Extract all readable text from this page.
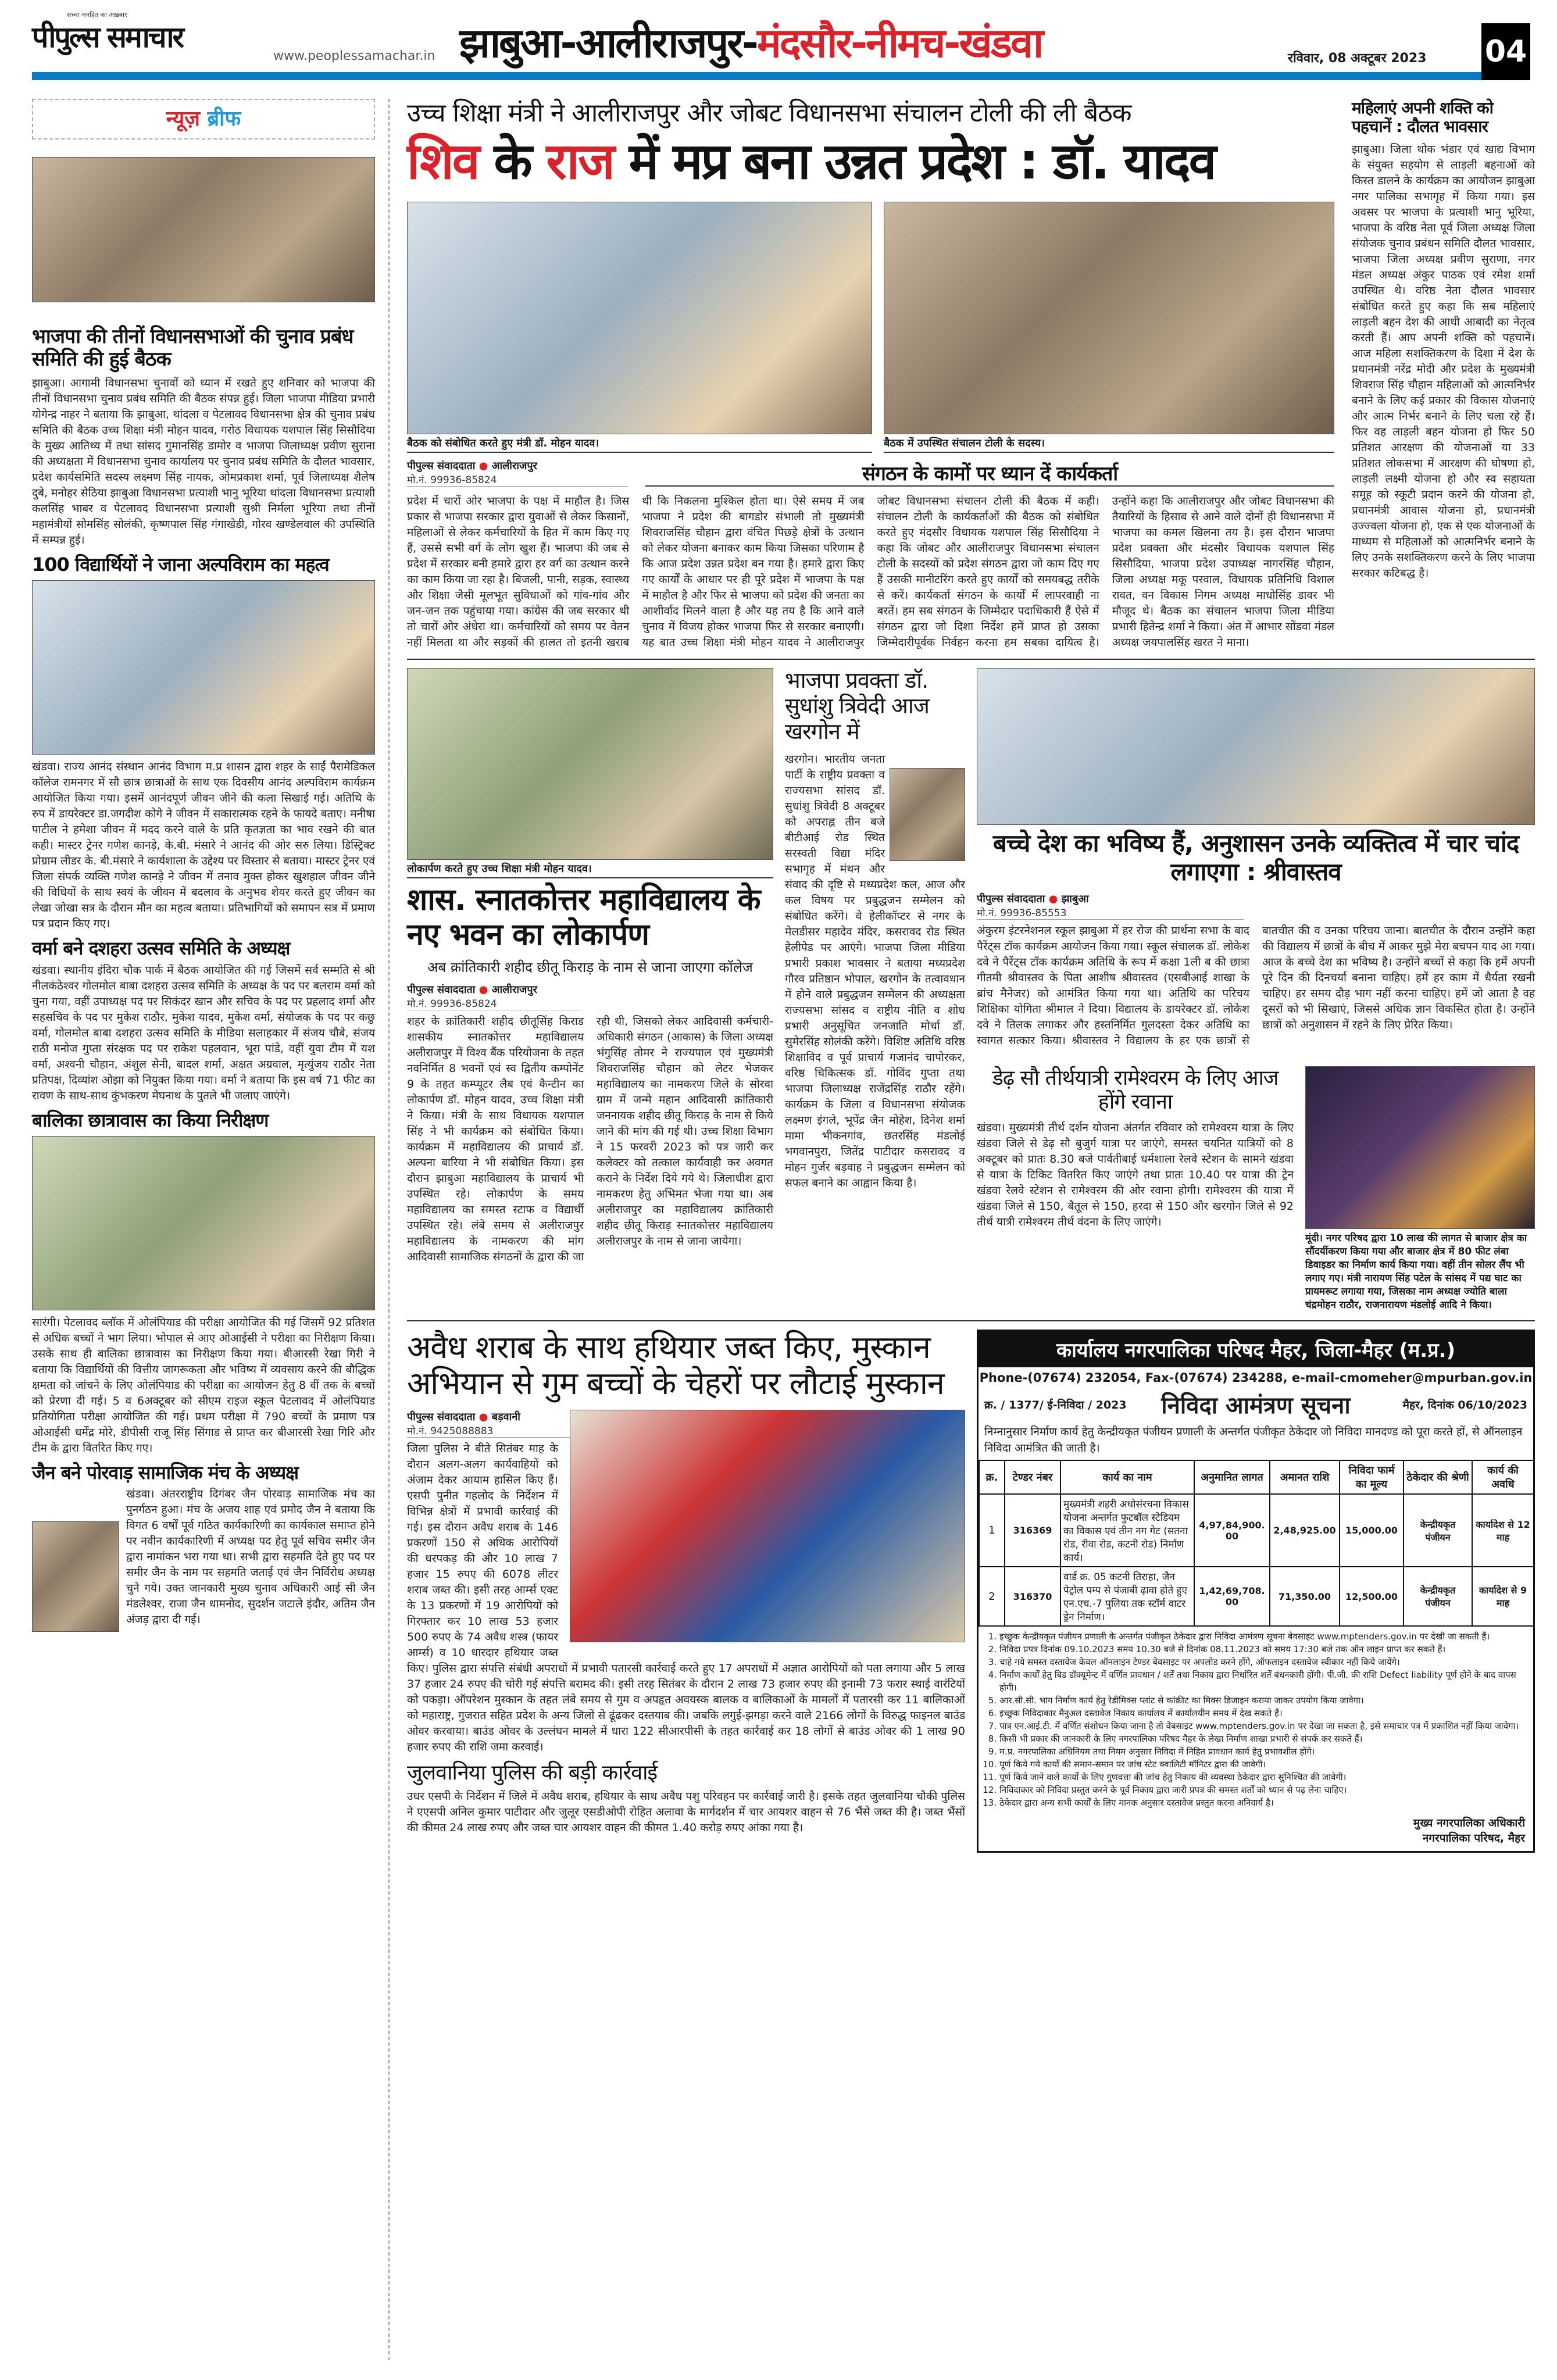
सच्चा जनहित का अख़बार
पीपुल्स समाचार
www.peoplessamachar.in झाबुआ-आलीराजपुर-मंदसौर-नीमच-खंडवा	रविवार, 08 अक्टूबर 2023 04
न्यूज़ ब्रीफ
भाजपा की तीनों विधानसभाओं की चुनाव प्रबंध समिति की हुई बैठक
झाबुआ। आगामी विधानसभा चुनावों को ध्यान में रखते हुए शनिवार को भाजपा की तीनों विधानसभा चुनाव प्रबंध समिति की बैठक संपन्न हुई। जिला भाजपा मीडिया प्रभारी योगेन्द्र नाहर ने बताया कि झाबुआ, थांदला व पेटलावद विधानसभा क्षेत्र की चुनाव प्रबंध समिति की बैठक उच्च शिक्षा मंत्री मोहन यादव, गरोठ विधायक यशपाल सिंह सिसौदिया के मुख्य आतिथ्य में तथा सांसद गुमानसिंह डामोर व भाजपा जिलाध्यक्ष प्रवीण सुराना की अध्यक्षता में विधानसभा चुनाव कार्यालय पर चुनाव प्रबंध समिति के दौलत भावसार, प्रदेश कार्यसमिति सदस्य लक्ष्मण सिंह नायक, ओमप्रकाश शर्मा, पूर्व जिलाध्यक्ष शैलेष दुबे, मनोहर सेठिया झाबुआ विधानसभा प्रत्याशी भानु भूरिया थांदला विधानसभा प्रत्याशी कलसिंह भाबर व पेटलावद विधानसभा प्रत्याशी सुश्री निर्मला भूरिया तथा तीनों महामंत्रीयों सोमसिंह सोलंकी, कृष्णपाल सिंह गंगाखेडी, गोरव खण्डेलवाल की उपस्थिति में सम्पन्न हुई।
100 विद्यार्थियों ने जाना अल्पविराम का महत्व
खंडवा। राज्य आनंद संस्थान आनंद विभाग म.प्र शासन द्वारा शहर के साईं पैरामेडिकल कॉलेज रामनगर में सौ छात्र छात्राओं के साथ एक दिवसीय आनंद अल्पविराम कार्यक्रम आयोजित किया गया। इसमें आनंदपूर्ण जीवन जीने की कला सिखाई गई। अतिथि के रुप में डायरेक्टर डा.जगदीश कोगे ने जीवन में सकारात्मक रहने के फायदे बताए। मनीषा पाटील ने हमेशा जीवन में मदद करने वाले के प्रति कृतज्ञता का भाव रखने की बात कही। मास्टर ट्रेनर गणेश कानड़े, के.बी. मंसारे ने आनंद की ओर सरु लिया। डिस्ट्रिक्ट प्रोग्राम लीडर के. बी.मंसारे ने कार्यशाला के उद्देश्य पर विस्तार से बताया। मास्टर ट्रेनर एवं जिला संपर्क व्यक्ति गणेश कानड़े ने जीवन में तनाव मुक्त होकर खुशहाल जीवन जीने की विधियों के साथ स्वयं के जीवन में बदलाव के अनुभव शेयर करते हुए जीवन का लेखा जोखा सत्र के दौरान मौन का महत्व बताया। प्रतिभागियों को समापन सत्र में प्रमाण पत्र प्रदान किए गए।
वर्मा बने दशहरा उत्सव समिति के अध्यक्ष
खंडवा। स्थानीय इंदिरा चौक पार्क में बैठक आयोजित की गई जिसमें सर्व सम्मति से श्री नीलकंठेश्वर गोलमोल बाबा दशहरा उत्सव समिति के अध्यक्ष के पद पर बलराम वर्मा को चुना गया, वहीं उपाध्यक्ष पद पर सिकंदर खान और सचिव के पद पर प्रहलाद शर्मा और सहसचिव के पद पर मुकेश राठौर, मुकेश यादव, मुकेश वर्मा, संयोजक के पद पर कछु वर्मा, गोलमोल बाबा दशहरा उत्सव समिति के मीडिया सलाहकार में संजय चौबे, संजय राठी मनोज गुप्ता संरक्षक पद पर राकेश पहलवान, भूरा पांडे, वहीं युवा टीम में यश वर्मा, अश्वनी चौहान, अंशुल सेनी, बादल शर्मा, अक्षत अग्रवाल, मृत्युंजय राठौर नेता प्रतिपक्ष, दिव्यांश ओझा को नियुक्त किया गया। वर्मा ने बताया कि इस वर्ष 71 फीट का रावण के साथ-साथ कुंभकरण मेघनाथ के पुतले भी जलाए जाएंगे।
बालिका छात्रावास का किया निरीक्षण
सारंगी। पेटलावद ब्लॉक में ओलंपियाड की परीक्षा आयोजित की गई जिसमें 92 प्रतिशत से अधिक बच्चों ने भाग लिया। भोपाल से आए ओआईसी ने परीक्षा का निरीक्षण किया। उसके साथ ही बालिका छात्रावास का निरीक्षण किया गया। बीआरसी रेखा गिरी ने बताया कि विद्यार्थियों की वित्तीय जागरूकता और भविष्य में व्यवसाय करने की बौद्धिक क्षमता को जांचने के लिए ओलंपियाड की परीक्षा का आयोजन हेतु 8 वीं तक के बच्चों को प्रेरणा दी गई। 5 व 6अक्टूबर को सीएम राइज स्कूल पेटलावद में ओलंपियाड प्रतियोगिता परीक्षा आयोजित की गई। प्रथम परीक्षा में 790 बच्चों के प्रमाण पत्र ओआईसी धर्मेंद्र मोरे, डीपीसी राजू सिंह सिंगाड से प्राप्त कर बीआरसी रेखा गिरि और टीम के द्वारा वितरित किए गए।
जैन बने पोरवाड़ सामाजिक मंच के अध्यक्ष
खंडवा। अंतरराष्ट्रीय दिगंबर जैन पोरवाड़ सामाजिक मंच का पुनर्गठन हुआ। मंच के अजय शाह एवं प्रमोद जैन ने बताया कि विगत 6 वर्षों पूर्व गठित कार्यकारिणी का कार्यकाल समाप्त होने पर नवीन कार्यकारिणी में अध्यक्ष पद हेतु पूर्व सचिव समीर जैन द्वारा नामांकन भरा गया था। सभी द्वारा सहमति देते हुए पद पर समीर जैन के नाम पर सहमति जताई एवं जैन निर्विरोध अध्यक्ष चुने गये। उक्त जानकारी मुख्य चुनाव अधिकारी आई सी जैन मंडलेश्वर, राजा जैन धामनोद, सुदर्शन जटाले इंदौर, अतिम जैन अंजड़ द्वारा दी गई।
उच्च शिक्षा मंत्री ने आलीराजपुर और जोबट विधानसभा संचालन टोली की ली बैठक
शिव के राज में मप्र बना उन्नत प्रदेश : डॉ. यादव
बैठक को संबोधित करते हुए मंत्री डॉ. मोहन यादव।	बैठक में उपस्थित संचालन टोली के सदस्य।
पीपुल्स संवाददाता ● आलीराजपुर
मो.नं. 99936-85824	संगठन के कामों पर ध्यान दें कार्यकर्ता
प्रदेश में चारों ओर भाजपा के पक्ष में माहौल है। जिस प्रकार से भाजपा सरकार द्वारा युवाओं से लेकर किसानों, महिलाओं से लेकर कर्मचारियों के हित में काम किए गए हैं, उससे सभी वर्ग के लोग खुश हैं। भाजपा की जब से प्रदेश में सरकार बनी हमारे द्वारा हर वर्ग का उत्थान करने का काम किया जा रहा है। बिजली, पानी, सड़क, स्वास्थ्य और शिक्षा जैसी मूलभूत सुविधाओं को गांव-गांव और जन-जन तक पहुंचाया गया। कांग्रेस की जब सरकार थी तो चारों ओर अंधेरा था। कर्मचारियों को समय पर वेतन नहीं मिलता था और सड़कों की हालत तो इतनी खराब थी कि निकलना मुश्किल होता था। ऐसे समय में जब भाजपा ने प्रदेश की बागडोर संभाली तो मुख्यमंत्री शिवराजसिंह चौहान द्वारा वंचित पिछड़े क्षेत्रों के उत्थान को लेकर योजना बनाकर काम किया जिसका परिणाम है कि आज प्रदेश उन्नत प्रदेश बन गया है। हमारे द्वारा किए गए कार्यों के आधार पर ही पूरे प्रदेश में भाजपा के पक्ष में माहौल है और फिर से भाजपा को प्रदेश की जनता का आशीर्वाद मिलने वाला है और यह तय है कि आने वाले चुनाव में विजय होकर भाजपा फिर से सरकार बनाएगी। यह बात उच्च शिक्षा मंत्री मोहन यादव ने आलीराजपुर जोबट विधानसभा संचालन टोली की बैठक में कही। संचालन टोली के कार्यकर्ताओं की बैठक को संबोधित करते हुए मंदसौर विधायक यशपाल सिंह सिसौदिया ने कहा कि जोबट और आलीराजपुर विधानसभा संचालन टोली के सदस्यों को प्रदेश संगठन द्वारा जो काम दिए गए हैं उसकी मानीटरिंग करते हुए कार्यों को समयबद्ध तरीके से करें। कार्यकर्ता संगठन के कार्यों में लापरवाही ना बरतें। हम सब संगठन के जिम्मेदार पदाधिकारी हैं ऐसे में संगठन द्वारा जो दिशा निर्देश हमें प्राप्त हो उसका जिम्मेदारीपूर्वक निर्वहन करना हम सबका दायित्व है। उन्होंने कहा कि आलीराजपुर और जोबट विधानसभा की तैयारियों के हिसाब से आने वाले दोनों ही विधानसभा में भाजपा का कमल खिलना तय है। इस दौरान भाजपा प्रदेश प्रवक्ता और मंदसौर विधायक यशपाल सिंह सिसौदिया, भाजपा प्रदेश उपाध्यक्ष नागरसिंह चौहान, जिला अध्यक्ष मकू परवाल, विधायक प्रतिनिधि विशाल रावत, वन विकास निगम अध्यक्ष माधोसिंह डावर भी मौजूद थे। बैठक का संचालन भाजपा जिला मीडिया प्रभारी हितेन्द्र शर्मा ने किया। अंत में आभार सोंडवा मंडल अध्यक्ष जयपालसिंह खरत ने माना।
महिलाएं अपनी शक्ति को पहचानें : दौलत भावसार
झाबुआ। जिला थोक भंडार एवं खाद्य विभाग के संयुक्त सहयोग से लाड़ली बहनाओं को किस्त डालने के कार्यक्रम का आयोजन झाबुआ नगर पालिका सभागृह में किया गया। इस अवसर पर भाजपा के प्रत्याशी भानु भूरिया, भाजपा के वरिष्ठ नेता पूर्व जिला अध्यक्ष जिला संयोजक चुनाव प्रबंधन समिति दौलत भावसार, भाजपा जिला अध्यक्ष प्रवीण सुराणा, नगर मंडल अध्यक्ष अंकुर पाठक एवं रमेश शर्मा उपस्थित थे। वरिष्ठ नेता दौलत भावसार संबोधित करते हुए कहा कि सब महिलाएं लाड़ली बहन देश की आधी आबादी का नेतृत्व करती हैं। आप अपनी शक्ति को पहचानें। आज महिला सशक्तिकरण के दिशा में देश के प्रधानमंत्री नरेंद्र मोदी और प्रदेश के मुख्यमंत्री शिवराज सिंह चौहान महिलाओं को आत्मनिर्भर बनाने के लिए कई प्रकार की विकास योजनाएं और आत्म निर्भर बनाने के लिए चला रहे हैं। फिर वह लाड़ली बहन योजना हो फिर 50 प्रतिशत आरक्षण की योजनाओं या 33 प्रतिशत लोकसभा में आरक्षण की घोषणा हो, लाड़ली लक्ष्मी योजना हो और स्व सहायता समूह को स्कूटी प्रदान करने की योजना हो, प्रधानमंत्री आवास योजना हो, प्रधानमंत्री उज्ज्वला योजना हो, एक से एक योजनाओं के माध्यम से महिलाओं को आत्मनिर्भर बनाने के लिए उनके सशक्तिकरण करने के लिए भाजपा सरकार कटिबद्ध है।
लोकार्पण करते हुए उच्च शिक्षा मंत्री मोहन यादव।
शास. स्नातकोत्तर महाविद्यालय के नए भवन का लोकार्पण
अब क्रांतिकारी शहीद छीतू किराड़ के नाम से जाना जाएगा कॉलेज
पीपुल्स संवाददाता ● आलीराजपुर
मो.नं. 99936-85824
शहर के क्रांतिकारी शहीद छीतूसिंह किराड शासकीय स्नातकोत्तर महाविद्यालय अलीराजपुर में विश्व बैंक परियोजना के तहत नवनिर्मित 8 भवनों एवं स्व द्वितीय कम्पोनेंट 9 के तहत कम्प्यूटर लैब एवं कैन्टीन का लोकार्पण डॉ. मोहन यादव, उच्च शिक्षा मंत्री ने किया। मंत्री के साथ विधायक यशपाल सिंह ने भी कार्यक्रम को संबोधित किया। कार्यक्रम में महाविद्यालय की प्राचार्य डॉ. अल्पना बारिया ने भी संबोधित किया। इस दौरान झाबुआ महाविद्यालय के प्राचार्य भी उपस्थित रहे। लोकार्पण के समय महाविद्यालय का समस्त स्टाफ व विद्यार्थी उपस्थित रहे। लंबे समय से अलीराजपुर महाविद्यालय के नामकरण की मांग आदिवासी सामाजिक संगठनों के द्वारा की जा रही थी, जिसको लेकर आदिवासी कर्मचारी-अधिकारी संगठन (आकास) के जिला अध्यक्ष भंगुसिंह तोमर ने राज्यपाल एवं मुख्यमंत्री शिवराजसिंह चौहान को लेटर भेजकर महाविद्यालय का नामकरण जिले के सोरवा ग्राम में जन्मे महान आदिवासी क्रांतिकारी जननायक शहीद छीतू किराड़ के नाम से किये जाने की मांग की गई थी। उच्च शिक्षा विभाग ने 15 फरवरी 2023 को पत्र जारी कर कलेक्टर को तत्काल कार्यवाही कर अवगत कराने के निर्देश दिये गये थे। जिलाधीश द्वारा नामकरण हेतु अभिमत भेजा गया था। अब अलीराजपुर का महाविद्यालय क्रांतिकारी शहीद छीतू किराड़ स्नातकोत्तर महाविद्यालय अलीराजपुर के नाम से जाना जायेगा।
भाजपा प्रवक्ता डॉ. सुधांशु त्रिवेदी आज खरगोन में
खरगोन। भारतीय जनता पार्टी के राष्ट्रीय प्रवक्ता व राज्यसभा सांसद डॉ. सुधांशु त्रिवेदी 8 अक्टूबर को अपराह्न तीन बजे बीटीआई रोड स्थित सरस्वती विद्या मंदिर सभागृह में मंथन और संवाद की दृष्टि से मध्यप्रदेश कल, आज और कल विषय पर प्रबुद्धजन सम्मेलन को संबोधित करेंगे। वे हेलीकॉप्टर से नगर के मेलडीसर महादेव मंदिर, कसरावद रोड स्थित हेलीपेड पर आएंगे। भाजपा जिला मीडिया प्रभारी प्रकाश भावसार ने बताया मध्यप्रदेश गौरव प्रतिष्ठान भोपाल, खरगोन के तत्वावधान में होने वाले प्रबुद्धजन सम्मेलन की अध्यक्षता राज्यसभा सांसद व राष्ट्रीय नीति व शोध प्रभारी अनुसूचित जनजाति मोर्चा डॉ. सुमेरसिंह सोलंकी करेंगे। विशिष्ट अतिथि वरिष्ठ शिक्षाविद व पूर्व प्राचार्य गजानंद चापोरकर, वरिष्ठ चिकित्सक डॉ. गोविंद गुप्ता तथा भाजपा जिलाध्यक्ष राजेंद्रसिंह राठौर रहेंगे। कार्यक्रम के जिला व विधानसभा संयोजक लक्ष्मण इंगले, भूपेंद्र जैन मोहेश, दिनेश शर्मा मामा भीकनगांव, छतरसिंह मंडलोई भगवानपुरा, जितेंद्र पाटीदार कसरावद व मोहन गुर्जर बड़वाह ने प्रबुद्धजन सम्मेलन को सफल बनाने का आह्वान किया है।
बच्चे देश का भविष्य हैं, अनुशासन उनके व्यक्तित्व में चार चांद लगाएगा : श्रीवास्तव
पीपुल्स संवाददाता ● झाबुआ
मो.नं. 99936-85553
अंकुरम इंटरनेशनल स्कूल झाबुआ में हर रोज की प्रार्थना सभा के बाद पैरेंट्स टॉक कार्यक्रम आयोजन किया गया। स्कूल संचालक डॉ. लोकेश दवे ने पैरेंट्स टॉक कार्यक्रम अतिथि के रूप में कक्षा 1ली ब की छात्रा गीतमी श्रीवास्तव के पिता आशीष श्रीवास्तव (एसबीआई शाखा के ब्रांच मैनेजर) को आमंत्रित किया गया था। अतिथि का परिचय शिक्षिका योगिता श्रीमाल ने दिया। विद्यालय के डायरेक्टर डॉ. लोकेश दवे ने तिलक लगाकर और हस्तनिर्मित गुलदस्ता देकर अतिथि का स्वागत सत्कार किया। श्रीवास्तव ने विद्यालय के हर एक छात्रों से बातचीत की व उनका परिचय जाना। बातचीत के दौरान उन्होंने कहा की विद्यालय में छात्रों के बीच में आकर मुझे मेरा बचपन याद आ गया। आज के बच्चे देश का भविष्य है। उन्होंने बच्चों से कहा कि हमें अपनी पूरे दिन की दिनचर्या बनाना चाहिए। हमें हर काम में धैर्यता रखनी चाहिए। हर समय दौड़ भाग नहीं करना चाहिए। हमें जो आता है वह दूसरों को भी सिखाएं, जिससे अधिक ज्ञान विकसित होता है। उन्होंने छात्रों को अनुशासन में रहने के लिए प्रेरित किया।
डेढ़ सौ तीर्थयात्री रामेश्वरम के लिए आज होंगे रवाना
खंडवा। मुख्यमंत्री तीर्थ दर्शन योजना अंतर्गत रविवार को रामेश्वरम यात्रा के लिए खंडवा जिले से डेढ़ सौ बुजुर्ग यात्रा पर जाएंगे, समस्त चयनित यात्रियों को 8 अक्टूबर को प्रातः 8.30 बजे पार्वतीबाई धर्मशाला रेलवे स्टेशन के सामने खंडवा से यात्रा के टिकिट वितरित किए जाएंगे तथा प्रातः 10.40 पर यात्रा की ट्रेन खंडवा रेलवे स्टेशन से रामेश्वरम की ओर रवाना होगी। रामेश्वरम की यात्रा में खंडवा जिले से 150, बैतूल से 150, हरदा से 150 और खरगोन जिले से 92 तीर्थ यात्री रामेश्वरम तीर्थ वंदना के लिए जाएंगे।
मूंदी। नगर परिषद द्वारा 10 लाख की लागत से बाजार क्षेत्र का सौंदर्यीकरण किया गया और बाजार क्षेत्र में 80 फीट लंबा डिवाइडर का निर्माण कार्य किया गया। वहीं तीन सोलर लैंप भी लगाए गए। मंत्री नारायण सिंह पटेल के सांसद में पद्य घाट का प्रायमरूट लगाया गया, जिसका नाम अध्यक्ष ज्योति बाला चंद्रमोहन राठौर, राजनारायण मंडलोई आदि ने किया।
अवैध शराब के साथ हथियार जब्त किए, मुस्कान अभियान से गुम बच्चों के चेहरों पर लौटाई मुस्कान
पीपुल्स संवाददाता ● बड़वानी
मो.नं. 9425088883
जिला पुलिस ने बीते सितंबर माह के दौरान अलग-अलग कार्यवाहियों को अंजाम देकर आयाम हासिल किए हैं। एसपी पुनीत गहलोद के निर्देशन में विभिन्न क्षेत्रों में प्रभावी कार्रवाई की गई। इस दौरान अवैध शराब के 146 प्रकरणों 150 से अधिक आरोपियों की धरपकड़ की और 10 लाख 7 हजार 15 रुपए की 6078 लीटर शराब जब्त की। इसी तरह आर्म्स एक्ट के 13 प्रकरणों में 19 आरोपियों को गिरफ्तार कर 10 लाख 53 हजार 500 रुपए के 74 अवैध शस्त्र (फायर आर्म्स) व 10 धारदार हथियार जब्त किए। पुलिस द्वारा संपत्ति संबंधी अपराधों में प्रभावी पतारसी कार्रवाई करते हुए 17 अपराधों में अज्ञात आरोपियों को पता लगाया और 5 लाख 37 हजार 24 रुपए की चोरी गई संपत्ति बरामद की। इसी तरह सितंबर के दौरान 2 लाख 73 हजार रुपए की इनामी 73 फरार स्थाई वारंटियों को पकड़ा। ऑपरेशन मुस्कान के तहत लंबे समय से गुम व अपहृत अवयस्क बालक व बालिकाओं के मामलों में पतारसी कर 11 बालिकाओं को महाराष्ट्र, गुजरात सहित प्रदेश के अन्य जिलों से ढूंढकर दस्तयाब की। जबकि लगुई-झगड़ा करने वाले 2166 लोगों के विरुद्ध फाइनल बाउंड ओवर करवाया। बाउंड ओवर के उल्लंघन मामले में धारा 122 सीआरपीसी के तहत कार्रवाई कर 18 लोगों से बाउंड ओवर की 1 लाख 90 हजार रुपए की राशि जमा करवाई।
जुलवानिया पुलिस की बड़ी कार्रवाई
उधर एसपी के निर्देशन में जिले में अवैध शराब, हथियार के साथ अवैध पशु परिवहन पर कार्रवाई जारी है। इसके तहत जुलवानिया चौकी पुलिस ने एएसपी अनिल कुमार पाटीदार और जुलूर एसडीओपी रोहित अलावा के मार्गदर्शन में चार आयशर वाहन से 76 भैंसे जब्त की है। जब्त भैंसों की कीमत 24 लाख रुपए और जब्त चार आयशर वाहन की कीमत 1.40 करोड़ रुपए आंका गया है।
कार्यालय नगरपालिका परिषद मैहर, जिला-मैहर (म.प्र.)
Phone-(07674) 232054, Fax-(07674) 234288, e-mail-cmomeher@mpurban.gov.in
क्र. / 1377/ ई-निविदा / 2023	निविदा आमंत्रण सूचना	मैहर, दिनांक 06/10/2023
निम्नानुसार निर्माण कार्य हेतु केन्द्रीयकृत पंजीयन प्रणाली के अन्तर्गत पंजीकृत ठेकेदार जो निविदा मानदण्ड को पूरा करते हों, से ऑनलाइन निविदा आमंत्रित की जाती है।
क्र.	टेण्डर नंबर	कार्य का नाम	अनुमानित लागत	अमानत राशि	निविदा फार्म का मूल्य	ठेकेदार की श्रेणी	कार्य की अवधि
1	316369	मुख्यमंत्री शहरी अधोसंरचना विकास योजना अन्तर्गत फुटबॉल स्टेडियम का विकास एवं तीन नग गेट (सतना रोड, रीवा रोड, कटनी रोड) निर्माण कार्य।	4,97,84,900.00	2,48,925.00	15,000.00	केन्द्रीयकृत पंजीयन	कार्यादेश से 12 माह
2	316370	वार्ड क्र. 05 कटनी तिराहा, जैन पेट्रोल पम्प से पंजाबी ढ़ावा होते हुए एन.एच.-7 पुलिया तक स्टॉर्म वाटर ड्रेन निर्माण।	1,42,69,708.00	71,350.00	12,500.00	केन्द्रीयकृत पंजीयन	कार्यादेश से 9 माह
1. इच्छुक केन्द्रीयकृत पंजीयन प्रणाली के अन्तर्गत पंजीकृत ठेकेदार द्वारा निविदा आमंत्रण सूचना बेवसाइट www.mptenders.gov.in पर देखी जा सकती हैं।
2. निविदा प्रपत्र दिनांक 09.10.2023 समय 10.30 बजे से दिनांक 08.11.2023 को समय 17:30 बजे तक ऑन लाइन प्राप्त कर सकते हैं।
3. चाहे गये समस्त दस्तावेज केवल ऑनलाइन टेण्डर बेवसाइट पर अपलोड करने होंगे, ऑफलाइन दस्तावेज स्वीकार नहीं किये जायेंगे।
4. निर्माण कार्यों हेतु बिड डॉक्यूमेन्ट में वर्णित प्रावधान / शर्तें तथा निकाय द्वारा निर्धारित शर्तें बंधनकारी होंगी। पी.जी. की राशि Defect liability पूर्ण होने के बाद वापस होगी।
5. आर.सी.सी. भाग निर्माण कार्य हेतु रेडीमिक्स प्लांट से कांक्रीट का मिक्स डिजाइन कराया जाकर उपयोग किया जावेगा।
6. इच्छुक निविदाकार मैनुअल दस्तावेज निकाय कार्यालय में कार्यालयीन समय में देख सकते हैं।
7. पात्र एन.आई.टी. में वर्णित संशोधन किया जाना है तो वेबसाइट www.mptenders.gov.in पर देखा जा सकता है, इसे समाचार पत्र में प्रकाशित नहीं किया जावेगा।
8. किसी भी प्रकार की जानकारी के लिए नगरपालिका परिषद मैहर के लेखा निर्माण शाखा प्रभारी से संपर्क कर सकते हैं।
9. म.प्र. नगरपालिका अधिनियम तथा नियम अनुसार निविदा में निहित प्रावधान कार्य हेतु प्रभावशील होंगे।
10. पूर्ण किये गये कार्यों की समान-समान पर जांच स्टेट क्वालिटी मॉनिटर द्वारा की जावेगी।
11. पूर्ण किये जाने वाले कार्यों के लिए गुणवत्ता की जांच हेतु निकाय की व्यवस्था ठेकेदार द्वारा सुनिश्चित की जावेगी।
12. निविदाकार को निविदा प्रस्तुत करने के पूर्व निकाय द्वारा जारी प्रपत्र की समस्त शर्तों को ध्यान से पढ़ लेना चाहिए।
13. ठेकेदार द्वारा अन्य सभी कार्यों के लिए मानक अनुसार दस्तावेज प्रस्तुत करना अनिवार्य है।
मुख्य नगरपालिका अधिकारी
नगरपालिका परिषद, मैहर
